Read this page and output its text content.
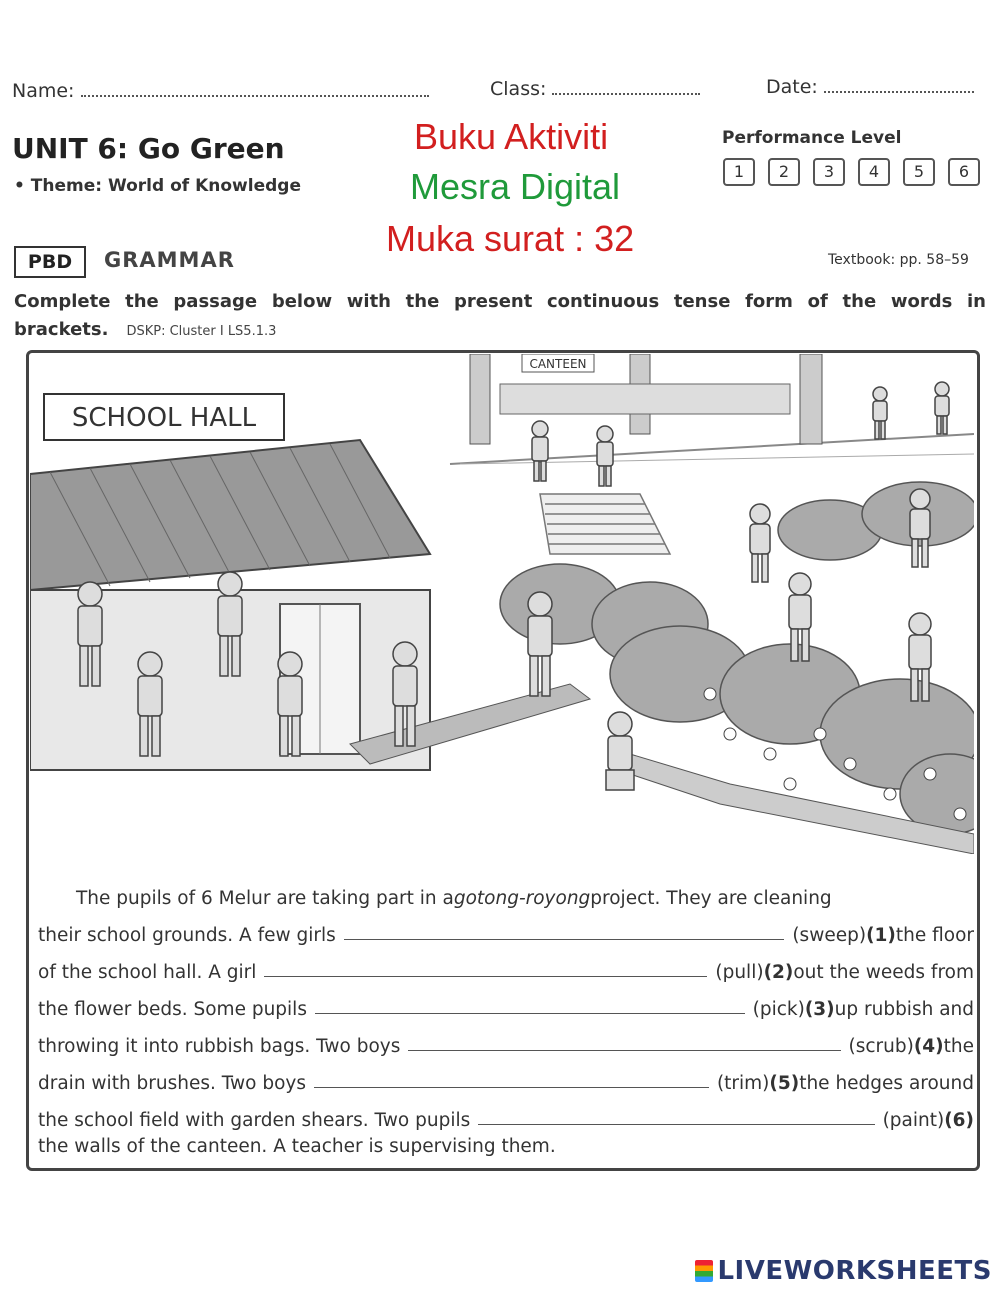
Name:	Class:	Date:
UNIT 6: Go Green
• Theme: World of Knowledge
Buku Aktiviti
Mesra Digital
Muka surat : 32
Performance Level
1	2	3	4	5	6
PBD	GRAMMAR	Textbook: pp. 58–59
Complete the passage below with the present continuous tense form of the words in brackets. DSKP: Cluster I LS5.1.3
CANTEEN
SCHOOL HALL
The pupils of 6 Melur are taking part in a gotong-royong project. They are cleaning
their school grounds. A few girls	(sweep) (1) the floor
of the school hall. A girl	(pull) (2) out the weeds from
the flower beds. Some pupils	(pick) (3) up rubbish and
throwing it into rubbish bags. Two boys	(scrub) (4) the
drain with brushes. Two boys	(trim) (5) the hedges around
the school field with garden shears. Two pupils	(paint) (6)
the walls of the canteen. A teacher is supervising them.
LIVEWORKSHEETS
